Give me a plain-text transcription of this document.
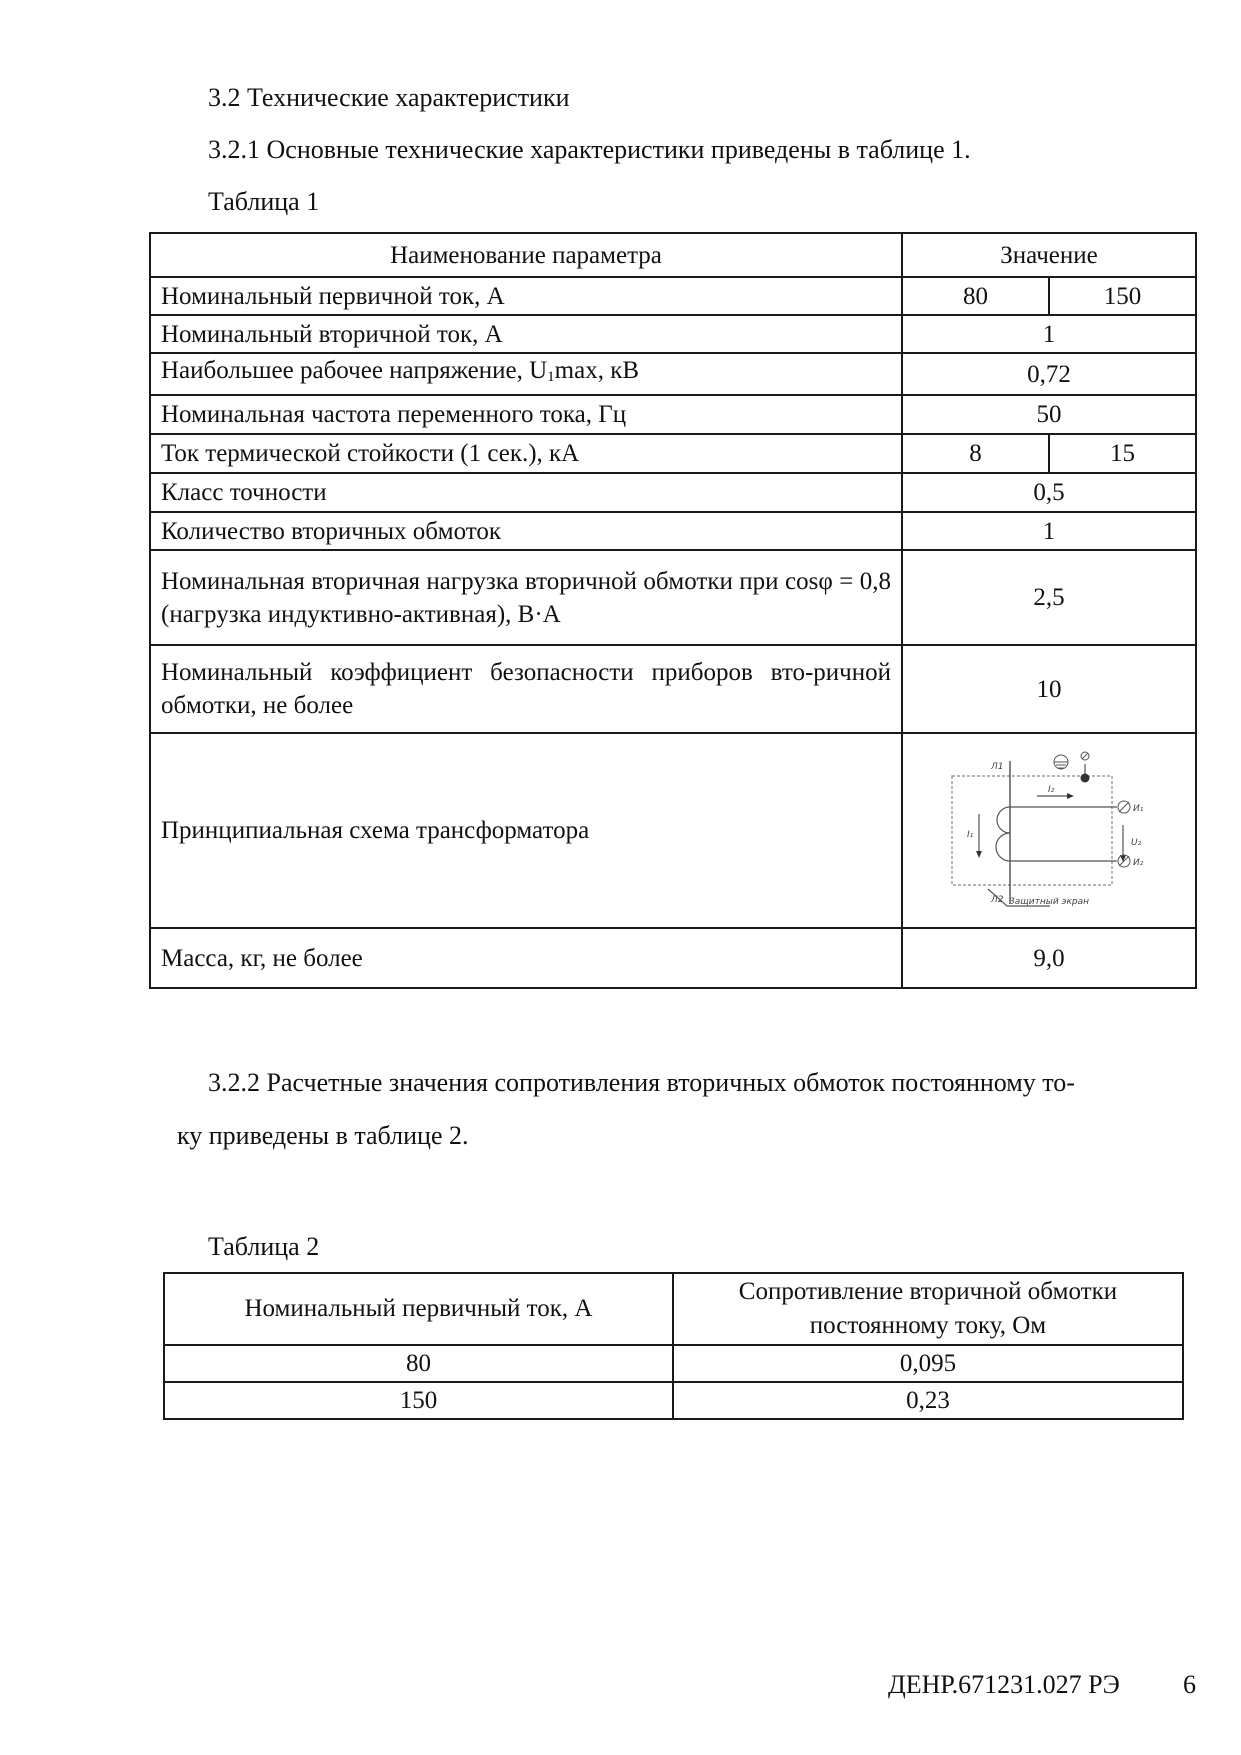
3.2 Технические характеристики
3.2.1 Основные технические характеристики приведены в таблице 1.
Таблица 1
Наименование параметра	Значение	
Номинальный первичной ток, А	80	150
Номинальный вторичной ток, А	1	
Наибольшее рабочее напряжение, $U_1\max$, кВ	0,72	
Номинальная частота переменного тока, Гц	50	
Ток термической стойкости (1 сек.), кА	8	15
Класс точности	0,5	
Количество вторичных обмоток	1	
Номинальная вторичная нагрузка вторичной обмотки при cosφ = 0,8 (нагрузка индуктивно-активная), В·А	2,5	
Номинальный коэффициент безопасности приборов вто-ричной обмотки, не более	10	
Принципиальная схема трансформатора	
Л1
Л2
I₂
I₁
U₂
И₁
И₂
Защитный экран

Масса, кг, не более	9,0	
3.2.2 Расчетные значения сопротивления вторичных обмоток постоянному то-
ку приведены в таблице 2.
Таблица 2
Номинальный первичный ток, А	Сопротивление вторичной обмотки постоянному току, Ом
80	0,095
150	0,23
ДЕНР.671231.027 РЭ 6
